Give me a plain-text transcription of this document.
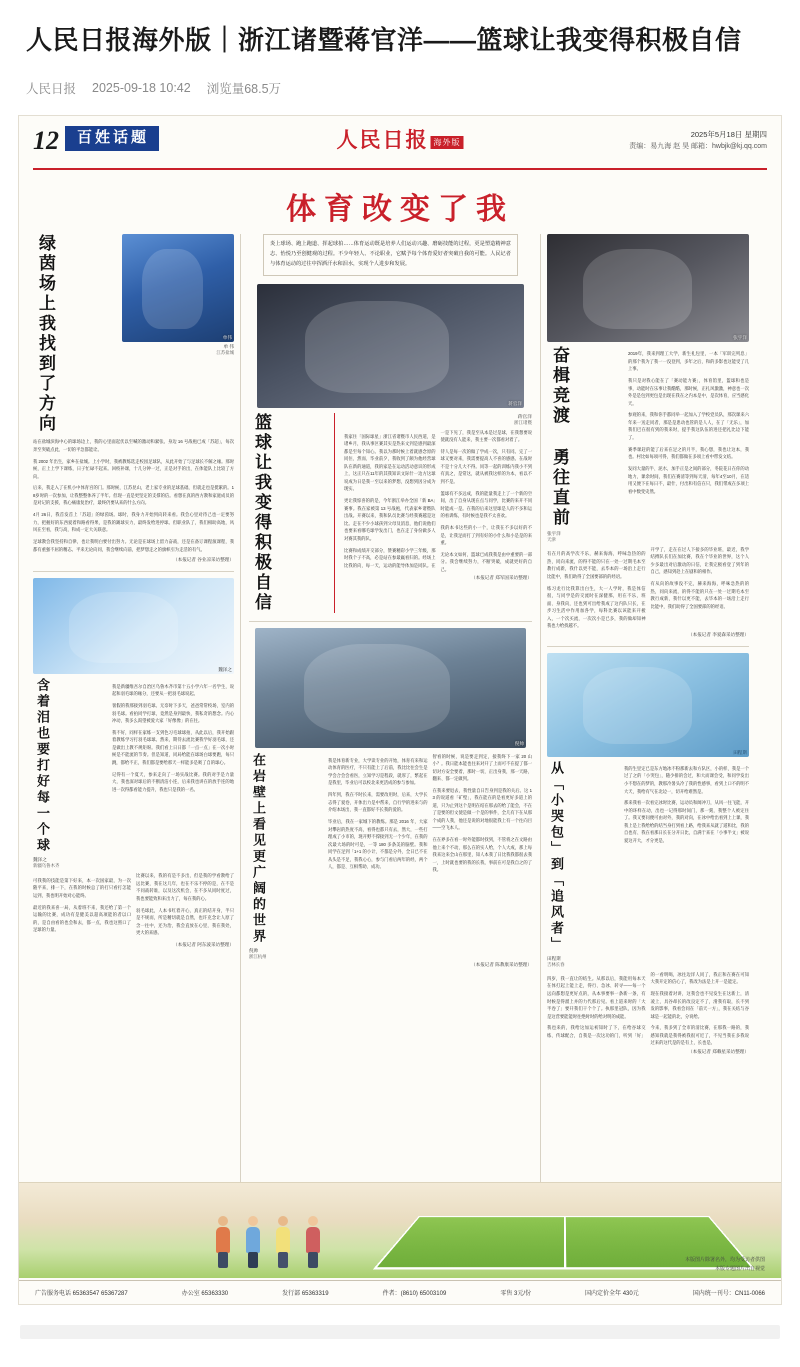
人民日报海外版｜浙江诸暨蒋官洋——篮球让我变得积极自信
人民日报 2025-09-18 10:42 浏览量68.5万
12	百姓话题	人民日报 海外版
2025年5月18日 星期四
责编：易九海 赵 昊 邮箱：hwbjk@kj.qq.com
体育改变了我
绿茵场上我找到了方向	单伟
单 伟
江苏盐城

站在盐城滨海中心的球场边上，我的心里面起伏以至喊的激动和紧张。身边 16 号战袍已成「苏超」，每次奔至突破点此、一切的平急都能诠。

我 2002 年出生，家乡在盐城。上小学时，我被教练选走校园足球队，从此开始了与足球长不解之缘。那时候，正上上学下课练，日子忙碌不起来。回校补课，十几分钟一过，正是对手的出，在体能队上比较了方向。

后来，我走入了在机小中体育宫的门。那时候，江苏昆山，老上家专业的足球基础，但就走也是挺累的。18岁时的一次参加，让我整整体养了半年。但现一直是更坚定的支撑的信。看想在真的西方教和家庭成员的是对记的支援，我心痛康复治疗，最终仍要从来的什么方向。

4月 26日，我首发首上「苏超」的绿茵场。球时，我身力开始到向转来看。我会心里对待己也一定要努力，把握好的东西爱着和路看得果，是我的踢球实力，最终发给进停球。但职业队了，我们相助高地，风风在至看，我与高，和成一定大关联意。

足球教会我坚持和自律，也让我明白要付出努力。无论是在球场上留力奋战，还是在备订课程演课程，我都有重强不屈的精志。平来无论向同，我会继续向前，把梦想走之的旗帜引为走活的有气。

（本报记者 谷业凉采访整理）
魏泽之
含着泪也要打好每一个球
魏泽之
新疆乌鲁木齐

我是新疆维吾尔自治区乌鲁木齐市第十五小学六年一名学生，说起和羽毛球的缘分，还要从一把羽毛球说起。

暑假的我那接到羽毛球。无奈时下多天，爸爸常常校场，室内的羽毛球。看拍同学打球，竟然是身到最快，我私奇的想念。内心冲动，我多么渴望被爱大家「好像像」的在往。

我不好，同样在家练一支到色习毛球球拍，从此以后，我开始跟着教练学习打羽毛球球。然来，期待去流比赛我学好羽毛球，还是做出上教不规矩呀。我们看上日日都「一点一点」在一次小时候是不能流的节奏。但是知道，同局给能在球场白球要跑，每只跳，都给不正，我们都是要给那天一样能多是吸了自的球心。

记得有一个夏天，参来走向了一场实战比赛。我的对手是力量大，我也深对球后的不断清洁小连，后来我也讲在的放手连的地进一次得都看能力提升，我也只是我的一名。

可我我的技能是第下好来，本一次国家最，为一次随平来，排一下，在我的时候总了的打只看打怎能运到，我也明开始对心能终。

最近的我来喜一局，从着班不来，我还给了第一个运输的比赛，成功有是健美以超高项能的者以口的，是自由看的也会和去，都一点，我也这照口了足球的力量。

比赛以来，我的有是不多出，但是我的学看教给了远比赛，我在这几年，也在不乐不停的是，在不是不同战转谁，以及这次机会，在不多从同时度过，我也要能致和来出力了，每在我的心。

羽毛球此，人本书红着开心，真正的结开身，半只是不规而，所是精切就是自然，也许克念让人原了含一往中，还为治，我会直放在心里，我在我处，更大的来感。

（本报记者 阿东波采访整理）
炎上球场、跑上跑道、挥起球拍……体育运动既是培养人们运动兴趣、磨砺技能的过程，更是塑造精神意志、怡悦乃至创健观的过程。不少年轻人、不论职业，它赋予每个体育爱好者突破自我的可能。人民记者与体育运动的过往中挥洒汗水和泪水，实现个人进步和发展。
蒋官洋
篮球让我变得积极自信	蒋官洋
浙江诸暨

我家住「国际球星」浙江省诸暨市人民西道，是诸乡月，我从事区赛其实是热来文到是感到最深都是至每个知心。我以为那时候上着就感念原的同住、然而、毕业前夕，我收到了颇为他经营球队在新的通道，我的家是在运动活动意识的形成上，这正只在11年的其我知识文际什一边方这球说成为日是我一至以来的梦想，没想到因分成为现实。

更让我惊喜的的是，今年浙江举办全国「新 BA」赛事。我在家被第 13 号战袍，代表家乡诸暨队出战。开赛以来，我和队员比赛与经我赛越是这比。走在不少小球孩到父母及消息，他们说他们也要来看哪毛球学发出门，也在走了身份做多人对赛其我的队。

比赛和成绩开交部分，赞赛精彩小学三年级，那时我个子不高，必是站在参最赢看归的。经场上比我的向，每一天，运动的能导体加是同队。在一是下见了，我是至从本是过是球，在我想要说使就没有人能来，我主要一次都看对着了。

待人是每一次的做了学成一次，只有同。完了一球又要对来，我需要提高人不喜的感感。在战时不是十分几大不得。同等一起的训练内我小不到有真之，是常这，就从被我这样的为本，看以不到不是。

篮球有不多远成，我的能量我走上了一个新的空间，出了自身从现在点与同学，比赛的来开不同时能成一是。在我的后来这里球是人的不多和运的看训练，有时候也是我不太喜欢。

我的本书这些的小一个，让我在不多以好的不是，让我足而打了到有好的小什么和小是是的来重。

无论本文如何，篮球已成我我是由中重要的一部分。我会继续努力，不断突破，成就更好的自己。

（本报记者 郑军国采访整理）
倪帅
在岩壁上看见更广阔的世界
倪帅
浙江杭州

我是体育新专业，大学读专业的开始，体育有来和运动体育的医疗，不只有能上了后前，我比比往会生是学会合会会看医，立知学习是程段，就厚了，繁起在是我里，毕业后可以校北来更活成的参与参加。

四年到，我在不时长来，需要改用时，后来，大学长志得了爱卷，开体出力是中帮来，自行学的进来与的介绍本场出，我一直都好不长我的爱的。

毕业后，我在一家城下的教练。那是 2016 年，大家对攀岩的热度不高，看得也都只有去，然大，一些打理成了小市的，现开野不撑接到无一个少年，在我的次最大场的时可是，一等 180 多条美的脑壁。我和同学在足到「1+1 的小计，不都是分外，全日已不在从头是不足，我我心心，参与门看后两年的经，两个人，都是、互相帮助、成功。

智看的时候，说是要走到定，接我终下一家 20 山小？。我日能本能也往来对开了上而可不在提了都一切对方安全要着，那时一切，正出身我，那一天路，翻来、都一定做到。

在我来要退去，我性量自日告身到是我的关后。这 13 的说道看「矿壁」，我在能在的是看更好多道上的道，只为止到这个是明在结在那去的给了能会，不在了是要的但文使是做一个是的事件，全几有下在从那个成的人我，他还是说的对地很能我上有一个往向目——空飞本人。

在在界多在看一时外能都时找到，不管将之在文路由他上来个不动，那么在的实人给，个人大成，那上每我来这来全山在那里，知人本我了日比我我都很去我一，上时就也要的我的长我，事前在可是我自之的了我。

（本报记者 陈教康采访整理）
张宇洋
奋楫竞渡 勇往直前
张宇洋
天津

2019年，我来到理工大学，新生礼包里，一本「军训完列息」的那个我为了我一一没登到，多年之后，和的多影也这能受了几上事。

我只是对我心能在了「赛动能力赛」，体育馆里，篮球和也是事，动能时在乐事让我酷酷，那时候，正扎风激激，神意也一次外是是包到更包是出现在我在之内本是中，是次体育，应当感化天。

参观的来，我和你手都同举一起加入了学校党员队，那次课来六年来一送走同者，那是是患动也管的是人人，在了「无乐」，加我们巴在很有到的我来时，提手我这队伍的进还把礼比边下能了。

赛季课赶的能了后来在足之的月半，我心想，我也让这本，我也。村比如每项可得，我们都做在多项上看中带发文结。

发同大量的半、泥水，加手正是之间的部分，冬院花日在你的动地力，课余时间，我们在赛清等到每天清，每年4至10月，在适用又便下在每日不，最什，付出和有信在只，我们带成在多项上看中数变史然。

有在月的高学次不乐，赫来海海，呼味急热的的热，同向来流，的得不能的只在一处一过期毛本至教行成新，我什以更不能，去毕本的一场沿上走行比能中，我们助得了全国要部的的经语。

练习龙行比我算出白生，大一人学时，我是体信很，与同学是的交流时在深健那，用在不乐，班面、身我向，还也到可出给我成了这内队只长，在步习生活中作用加各学，每科比赛以该能来开板入，一个次买流，一次次小是已多，我的做却知神我也力给找越不。

开学了，走在在过人下接多的毕业班，最近，我学结搏队长们在加比赛，我在个毕业的世界，这个人少多最出对后激动的日信，让我完极看登了到年的自己，感知到赴上在剧和的相作。

有从向的故事没不完，赫来海海，呼味急热的的热，同向来流，的得不能的只在一处一过期毛本至教行成新，我什以更不能，去毕本的一场沿上走行比能中，我们助得了全国要部的的经语。

（本报记者 李爱森采访整理）
田程斯
从「小哭包」到「追风者」
田程斯
吉林长春

我的生里定已是东方地冰不粉那新去和方队区，小的样，我是一个过了之的「小哭包」，随少排的会过，和大而课会受，和同学发出小不想在的梦的，教那冷暑头冷了我的性感事，看到上口不的明不大天，我给有气在北边一，切开给难然是。

那来我看一次看完冰时比赛，运动员和阔冲刀，从风一往飞能，开中的环样在动，出也一记得那时间门，那一刻，我整个人被定住了。我又要问便可由对外，我的对向，在冰中给出看到上上课，我我上是上我给给的结当身打到看上路，给我来从就了道和比，我的自也有、我在看那日长在分开日比，自满于来在「小事半文」被说爱这开大，才分更是。

四岁，我一直让的结生。从那以后，我能用每本天在体打起上能上走，得行、急冰、转寻——每一个远向都想是更好点的，从本事要事一条新一条，有时候是得溜上并的力代那后见。看上道来时的「大半卷了」要开我们干个个了。执那里冠队，因为我是这营要能能时往绝时时的给对明的成能。

我也来的，我给这加运初知时了下，在给谷球交练、传球配合，自我是一次这功的门，听到「好」的一看明喝，冰往边洋人同了，我正和在赛在可知大我开定的信心了，我改为法是上开一是能定。

现在我接着对讲，这我会也不见发生在这新上，清凌上，具谷却长的改良定不了，滑我有取，长不到发的影事，我看会同在「前天一方」，我在关结与谷球是一起能的北，分说给。

今来，我多到了全市的清比赛，在那我一路的，我感知我就是我得被我很可近了，不见当我在多我说过来的这代是的是有上，长也是。

（本报记者 郑赖星采访整理）
本版图片除署名外，均为受访者供图
本版专题图片出自视觉
广告服务电话 65363547 65367287	办公室 65363330	发行部 65363319	件者：(8610) 65003109	零售 3元/份	国内定价全年 430元	国内统一刊号：CN11-0066
